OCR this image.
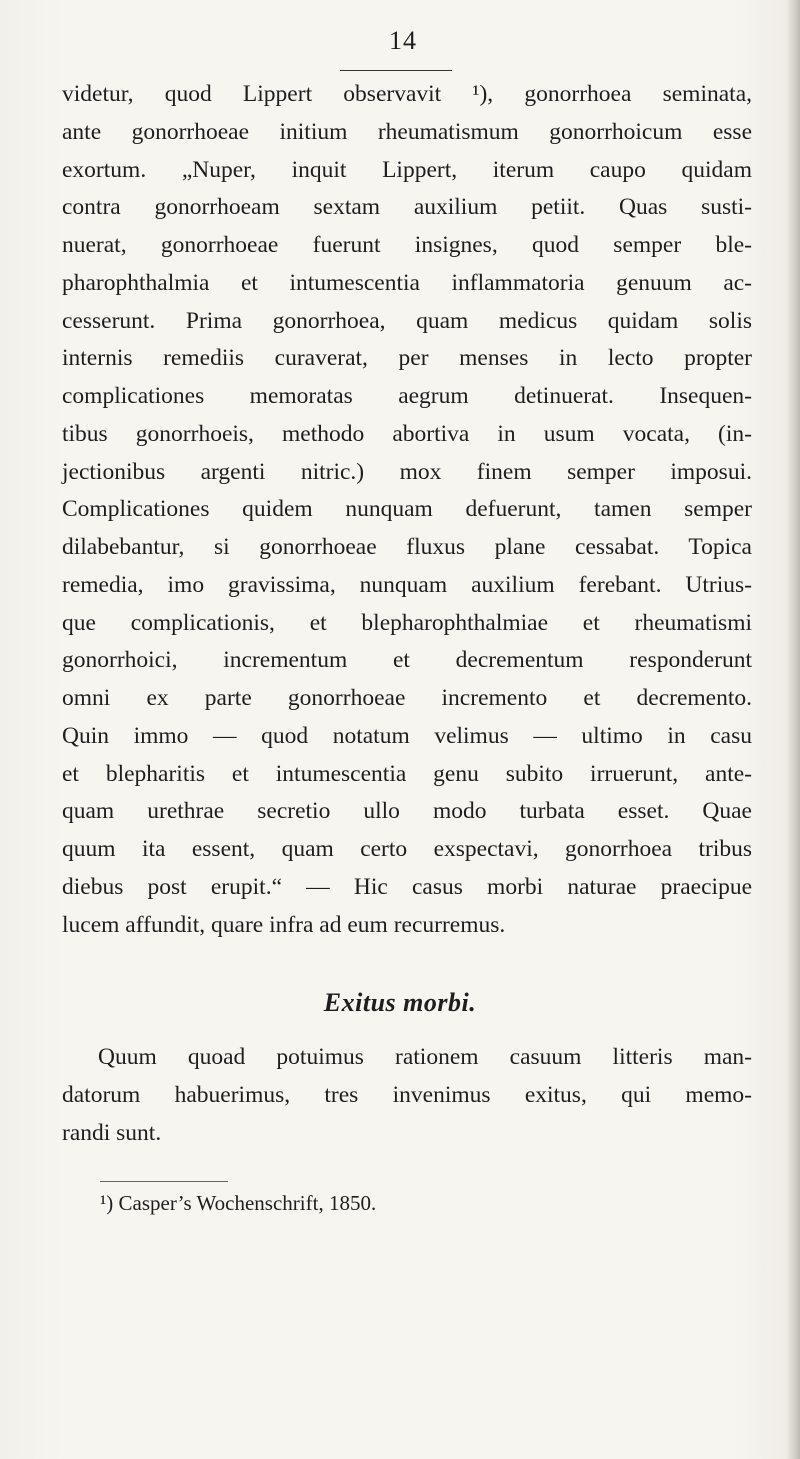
14
videtur, quod Lippert observavit ¹), gonorrhoea seminata,
ante gonorrhoeae initium rheumatismum gonorrhoicum esse
exortum. „Nuper, inquit Lippert, iterum caupo quidam
contra gonorrhoeam sextam auxilium petiit. Quas susti-
nuerat, gonorrhoeae fuerunt insignes, quod semper ble-
pharophthalmia et intumescentia inflammatoria genuum ac-
cesserunt. Prima gonorrhoea, quam medicus quidam solis
internis remediis curaverat, per menses in lecto propter
complicationes memoratas aegrum detinuerat. Insequen-
tibus gonorrhoeis, methodo abortiva in usum vocata, (in-
jectionibus argenti nitric.) mox finem semper imposui.
Complicationes quidem nunquam defuerunt, tamen semper
dilabebantur, si gonorrhoeae fluxus plane cessabat. Topica
remedia, imo gravissima, nunquam auxilium ferebant. Utrius-
que complicationis, et blepharophthalmiae et rheumatismi
gonorrhoici, incrementum et decrementum responderunt
omni ex parte gonorrhoeae incremento et decremento.
Quin immo — quod notatum velimus — ultimo in casu
et blepharitis et intumescentia genu subito irruerunt, ante-
quam urethrae secretio ullo modo turbata esset. Quae
quum ita essent, quam certo exspectavi, gonorrhoea tribus
diebus post erupit.“ — Hic casus morbi naturae praecipue
lucem affundit, quare infra ad eum recurremus.
Exitus morbi.
Quum quoad potuimus rationem casuum litteris man-
datorum habuerimus, tres invenimus exitus, qui memo-
randi sunt.
¹) Casper’s Wochenschrift, 1850.
